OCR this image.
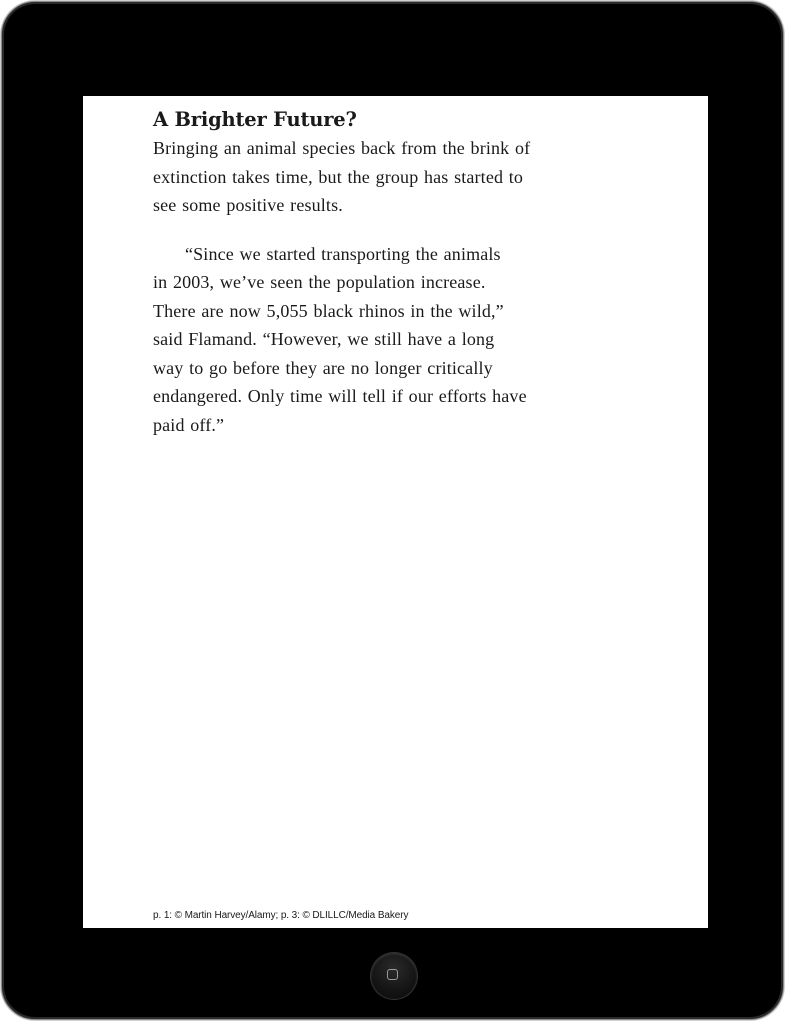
A Brighter Future?

Bringing an animal species back from the brink of
extinction takes time, but the group has started to
see some positive results.

“Since we started transporting the animals
in 2003, we’ve seen the population increase.
There are now 5,055 black rhinos in the wild,”
said Flamand. “However, we still have a long
way to go before they are no longer critically
endangered. Only time will tell if our efforts have
paid off.”

p. 1: © Martin Harvey/Alamy; p. 3: © DLILLC/Media Bakery
